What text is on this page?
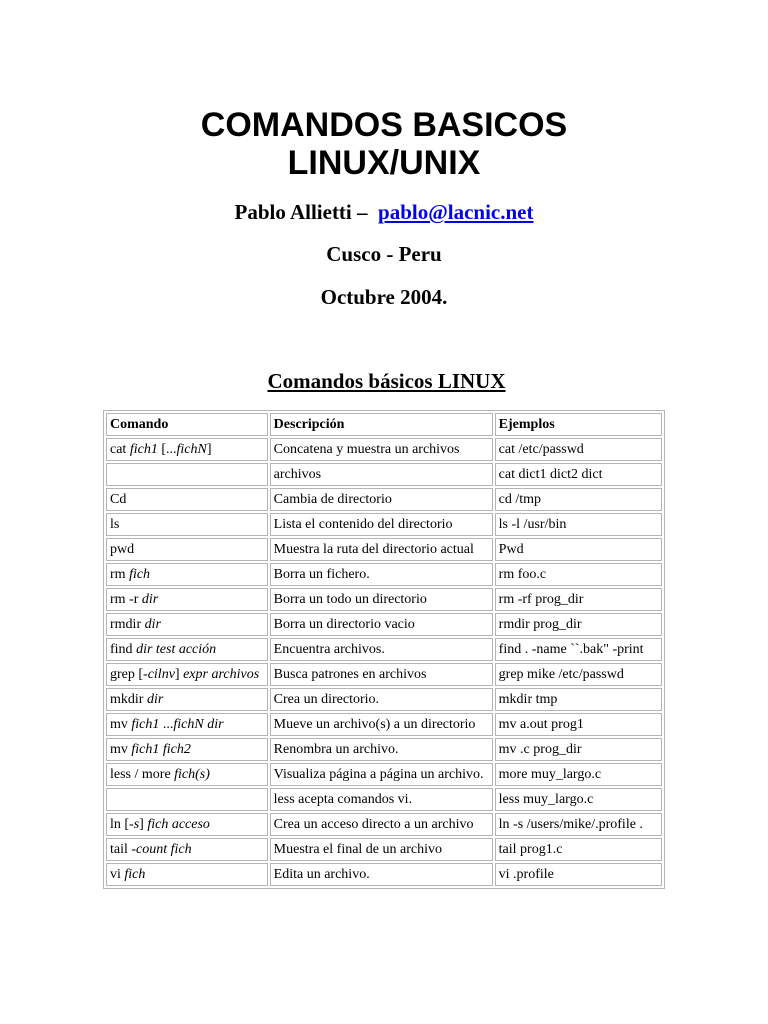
COMANDOS BASICOS
LINUX/UNIX
Pablo Allietti – pablo@lacnic.net
Cusco - Peru
Octubre 2004.
Comandos básicos LINUX
Comando	Descripción	Ejemplos
cat fich1 [...fichN]	Concatena y muestra un archivos	cat /etc/passwd
	archivos	cat dict1 dict2 dict
Cd	Cambia de directorio	cd /tmp
ls	Lista el contenido del directorio	ls -l /usr/bin
pwd	Muestra la ruta del directorio actual	Pwd
rm fich	Borra un fichero.	rm foo.c
rm -r dir	Borra un todo un directorio	rm -rf prog_dir
rmdir dir	Borra un directorio vacio	rmdir prog_dir
find dir test acción	Encuentra archivos.	find . -name ``.bak" -print
grep [-cilnv] expr archivos	Busca patrones en archivos	grep mike /etc/passwd
mkdir dir	Crea un directorio.	mkdir tmp
mv fich1 ...fichN dir	Mueve un archivo(s) a un directorio	mv a.out prog1
mv fich1 fich2	Renombra un archivo.	mv .c prog_dir
less / more fich(s)	Visualiza página a página un archivo.	more muy_largo.c
	less acepta comandos vi.	less muy_largo.c
ln [-s] fich acceso	Crea un acceso directo a un archivo	ln -s /users/mike/.profile .
tail -count fich	Muestra el final de un archivo	tail prog1.c
vi fich	Edita un archivo.	vi .profile
